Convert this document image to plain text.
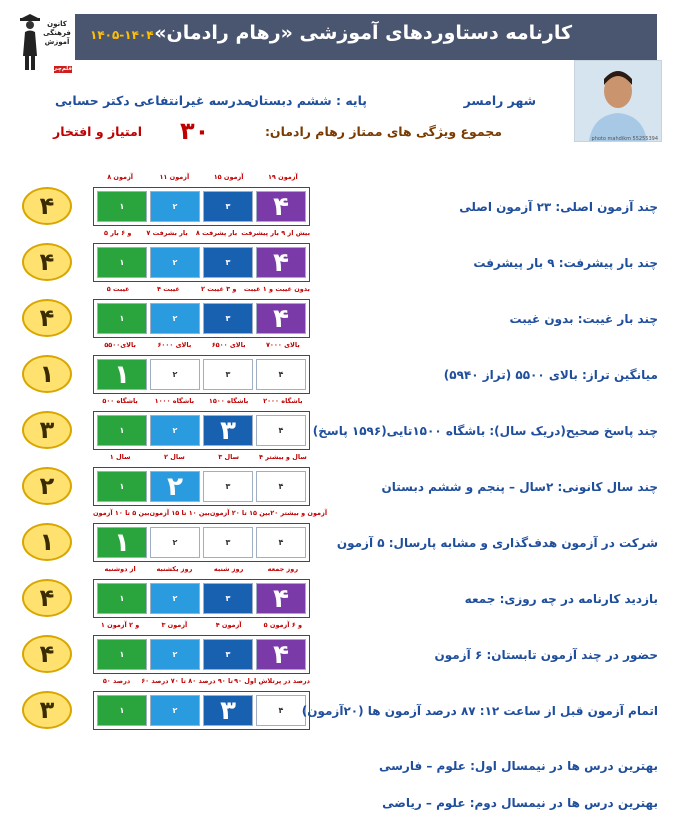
کارنامه دستاوردهای آموزشی «رهام رادمان»
۱۴۰۵-۱۴۰۴
کانون
فرهنگی
آموزش
قلم‌چی
photo mahdikm 55255394
شهر رامسر
پایه : ششم دبستان
مدرسه غیرانتفاعی دکتر حسابی
مجموع ویژگی های ممتاز رهام رادمان:
۳۰
امتیاز و افتخار
۸ آزمون	۱۱ آزمون	۱۵ آزمون	۱۹ آزمون
۱	۲	۳	۴
۴	چند آزمون اصلی: ۲۳ آزمون اصلی
۵ و ۶ بار	۷ بار بشرفت	۸ بار پشرفت بیش از ۹ بار پیشرفت
۱	۲	۳	۴
۴	چند بار پیشرفت: ۹ بار پیشرفت
۵ غیبت	۴ غیبت	۲ و ۳ غیبت	بدون غیبت و ۱ غیبت
۱	۲	۳	۴
۴	چند بار غیبت: بدون غیبت
بالای۵۵۰۰	بالای ۶۰۰۰	بالای ۶۵۰۰	بالای ۷۰۰۰
۱	۲	۳	۴
۱	میانگین تراز: بالای ۵۵۰۰ (تراز ۵۹۴۰)
باشگاه ۵۰۰	باشگاه ۱۰۰۰	باشگاه ۱۵۰۰	باشگاه ۲۰۰۰
۱	۲	۳	۴
۳	چند پاسخ صحیح(دریک سال): باشگاه ۱۵۰۰تایی(۱۵۹۶ پاسخ)
۱ سال	۲ سال	۳ سال	۴ سال و بیشتر
۱	۲	۳	۴
۲	چند سال کانونی: ۲سال – پنجم و ششم دبستان
بین ۵ تا ۱۰ آزمون بین ۱۰ تا ۱۵ آزمون بین ۱۵ تا ۲۰ آزمون ۲۰ آزمون و بیشتر
۱	۲	۳	۴
۱	شرکت در آزمون هدف‌گذاری و مشابه پارسال: ۵ آزمون
از دوشنبه	روز یکشنبه	روز شنبه	روز جمعه
۱	۲	۳	۴
۴	بازدید کارنامه در چه روزی: جمعه
۱ و ۲ آزمون	۳ آزمون	۴ آزمون	۵ و ۶ آزمون
۱	۲	۳	۴
۴	حضور در چند آزمون تابستان: ۶ آزمون
۵۰ درصد	۶۰ تا ۷۰ درصد ۸۰ تا ۹۰ درصد ۹۰ درصد در پرتلاش اول
۱	۲	۳	۴
۳	اتمام آزمون قبل از ساعت ۱۲: ۸۷ درصد آزمون ها (۲۰آزمون)
بهترین درس ها در نیمسال اول: علوم – فارسی
بهترین درس ها در نیمسال دوم: علوم – ریاضی
